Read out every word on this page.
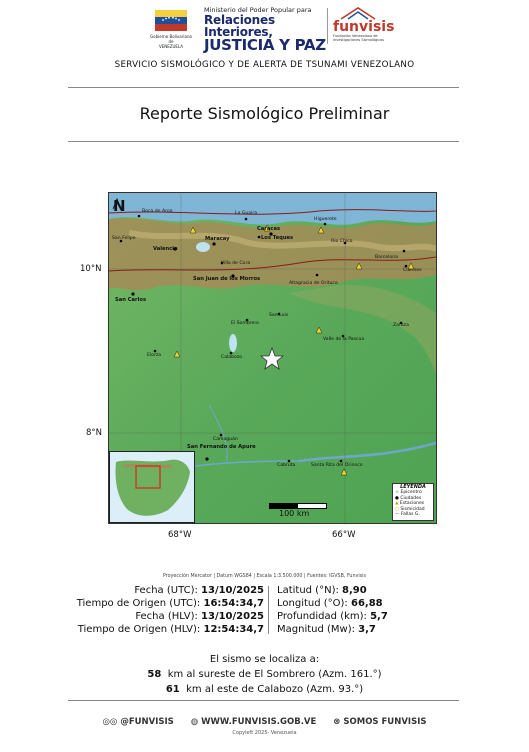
Gobierno Bolivariano de
VENEZUELA
Ministerio del Poder Popular para
Relaciones Interiores,
JUSTICIA Y PAZ
funvisis
Fundación Venezolana de Investigaciones Sismológicas
SERVICIO SISMOLÓGICO Y DE ALERTA DE TSUNAMI VENEZOLANO
Reporte Sismológico Preliminar
N	Boca de Aroa	La Guaira
Higuerote
Caracas
Los Teques
Maracay
Valencia
San Felipe
Río Chico
San Juan de los Morros
Villa de Cura
Altagracia de Orituco
Barcelona
Clarines
San Carlos
San Luis
El Sombrero	Zaraza
Valle de la Pascua
Calabozo
Elorza
Camaguán
San Fernando de Apure
Cabruta	Santa Rita del Orinoco
LEYENDA
☆ Epicentro
● Ciudades
▲ Estaciones
○ Sismicidad
— Fallas G.
100 km
10°N
8°N
68°W	66°W
Proyección Mercator | Datum WGS84 | Escala 1:3.500.000 | Fuentes: IGVSB, Funvisis
Fecha (UTC): 13/10/2025
Tiempo de Origen (UTC): 16:54:34,7
Fecha (HLV): 13/10/2025
Tiempo de Origen (HLV): 12:54:34,7
Latitud (°N): 8,90
Longitud (°O): 66,88
Profundidad (km): 5,7
Magnitud (Mw): 3,7
El sismo se localiza a:
58 km al sureste de El Sombrero (Azm. 161.°)
61 km al este de Calabozo (Azm. 93.°)
◎◎ @FUNVISIS ◍ WWW.FUNVISIS.GOB.VE ⊗ SOMOS FUNVISIS
Copyleft 2025- Venezuela
